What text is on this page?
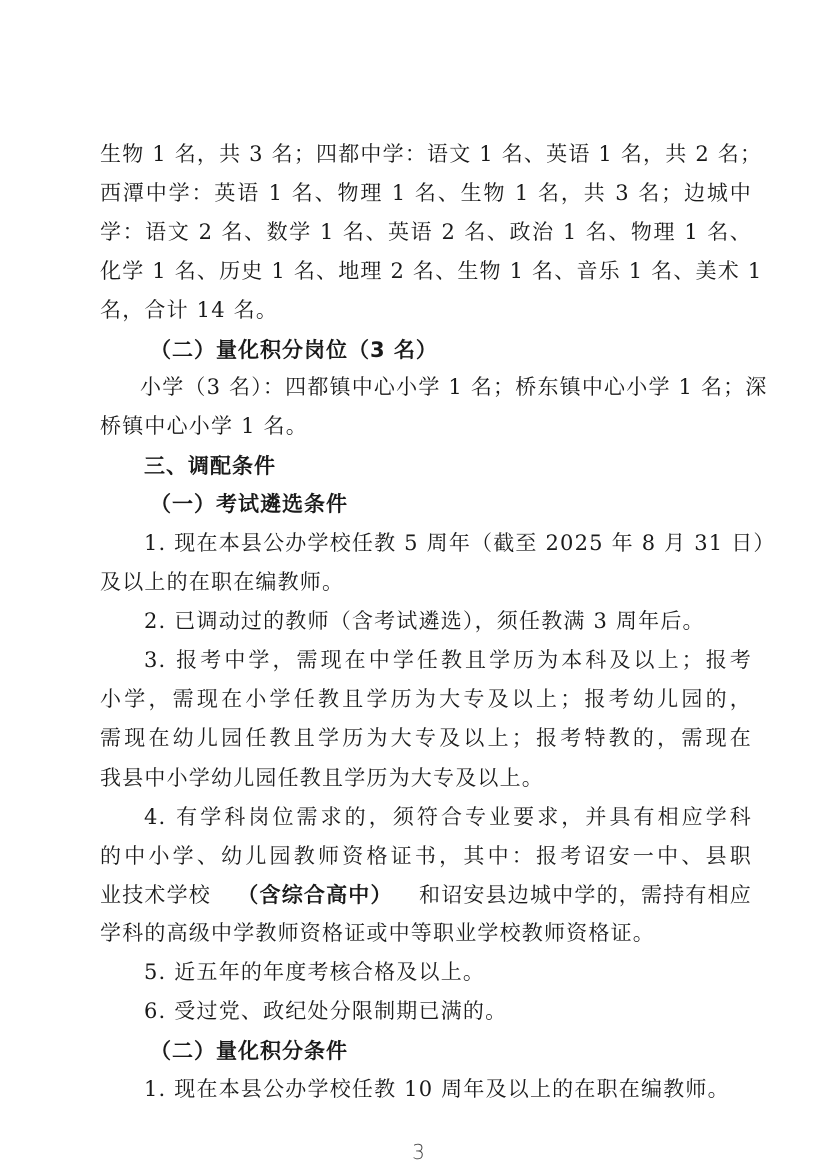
生物 1 名，共 3 名；四都中学：语文 1 名、英语 1 名，共 2 名；
西潭中学：英语 1 名、物理 1 名、生物 1 名，共 3 名；边城中
学：语文 2 名、数学 1 名、英语 2 名、政治 1 名、物理 1 名、
化学 1 名、历史 1 名、地理 2 名、生物 1 名、音乐 1 名、美术 1
名，合计 14 名。
（二）量化积分岗位（3 名）
小学（3 名）：四都镇中心小学 1 名；桥东镇中心小学 1 名；深
桥镇中心小学 1 名。
三、调配条件
（一）考试遴选条件
1. 现在本县公办学校任教 5 周年（截至 2025 年 8 月 31 日）
及以上的在职在编教师。
2. 已调动过的教师（含考试遴选），须任教满 3 周年后。
3. 报考中学，需现在中学任教且学历为本科及以上；报考
小学，需现在小学任教且学历为大专及以上；报考幼儿园的，
需现在幼儿园任教且学历为大专及以上；报考特教的，需现在
我县中小学幼儿园任教且学历为大专及以上。
4. 有学科岗位需求的，须符合专业要求，并具有相应学科
的中小学、幼儿园教师资格证书，其中：报考诏安一中、县职
业技术学校 （含综合高中） 和诏安县边城中学的，需持有相应
学科的高级中学教师资格证或中等职业学校教师资格证。
5. 近五年的年度考核合格及以上。
6. 受过党、政纪处分限制期已满的。
（二）量化积分条件
1. 现在本县公办学校任教 10 周年及以上的在职在编教师。
3
